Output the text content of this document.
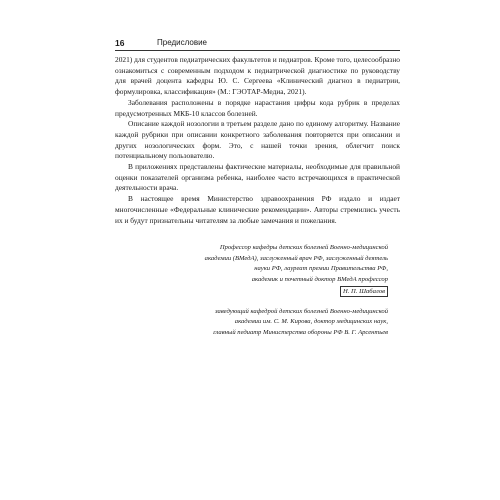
16	Предисловие

2021) для студентов педиатрических факультетов и педиатров. Кроме того, целесообразно ознакомиться с современным подходом к педиатрической диагностике по руководству для врачей доцента кафедры Ю. С. Сергеева «Клинический диагноз в педиатрии, формулировка, классификация» (М.: ГЭОТАР-Медиа, 2021).

Заболевания расположены в порядке нарастания цифры кода рубрик в пределах предусмотренных МКБ-10 классов болезней.

Описание каждой нозологии в третьем разделе дано по единому алгоритму. Название каждой рубрики при описании конкретного заболевания повторяется при описании и других нозологических форм. Это, с нашей точки зрения, облегчит поиск потенциальному пользователю.

В приложениях представлены фактические материалы, необходимые для правильной оценки показателей организма ребенка, наиболее часто встречающихся в практической деятельности врача.

В настоящее время Министерство здравоохранения РФ издало и издает многочисленные «Федеральные клинические рекомендации». Авторы стремились учесть их и будут признательны читателям за любые замечания и пожелания.

Профессор кафедры детских болезней Военно-медицинской
академии (ВМедА), заслуженный врач РФ, заслуженный деятель
науки РФ, лауреат премии Правительства РФ,
академик и почетный доктор ВМедА профессор
Н. П. Шабалов
заведующий кафедрой детских болезней Военно-медицинской
академии им. С. М. Кирова, доктор медицинских наук,
главный педиатр Министерства обороны РФ В. Г. Арсентьев
